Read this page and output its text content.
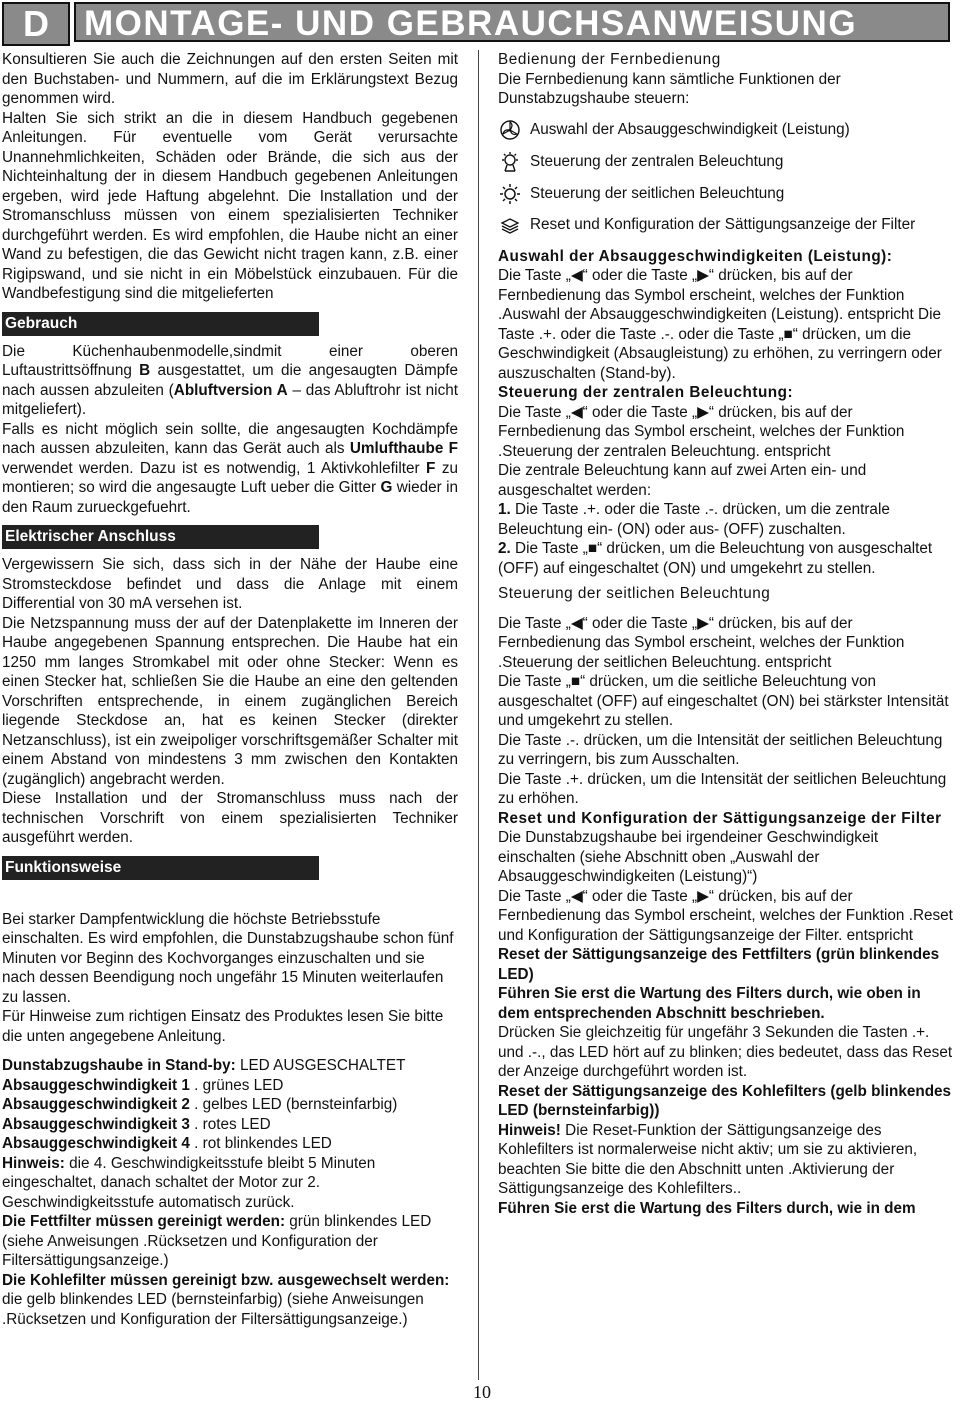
D	MONTAGE- UND GEBRAUCHSANWEISUNG

Konsultieren Sie auch die Zeichnungen auf den ersten Seiten mit den Buchstaben- und Nummern, auf die im Erklärungstext Bezug genommen wird.

Halten Sie sich strikt an die in diesem Handbuch gegebenen Anleitungen. Für eventuelle vom Gerät verursachte Unannehmlichkeiten, Schäden oder Brände, die sich aus der Nichteinhaltung der in diesem Handbuch gegebenen Anleitungen ergeben, wird jede Haftung abgelehnt. Die Installation und der Stromanschluss müssen von einem spezialisierten Techniker durchgeführt werden. Es wird empfohlen, die Haube nicht an einer Wand zu befestigen, die das Gewicht nicht tragen kann, z.B. einer Rigipswand, und sie nicht in ein Möbelstück einzubauen. Für die Wandbefestigung sind die mitgelieferten

Gebrauch

Die Küchenhaubenmodelle,sindmit einer oberen Luftaustrittsöffnung B ausgestattet, um die angesaugten Dämpfe nach aussen abzuleiten (Abluftversion A – das Abluftrohr ist nicht mitgeliefert).

Falls es nicht möglich sein sollte, die angesaugten Kochdämpfe nach aussen abzuleiten, kann das Gerät auch als Umlufthaube F verwendet werden. Dazu ist es notwendig, 1 Aktivkohlefilter F zu montieren; so wird die angesaugte Luft ueber die Gitter G wieder in den Raum zurueckgefuehrt.

Elektrischer Anschluss

Vergewissern Sie sich, dass sich in der Nähe der Haube eine Stromsteckdose befindet und dass die Anlage mit einem Differential von 30 mA versehen ist.

Die Netzspannung muss der auf der Datenplakette im Inneren der Haube angegebenen Spannung entsprechen. Die Haube hat ein 1250 mm langes Stromkabel mit oder ohne Stecker: Wenn es einen Stecker hat, schließen Sie die Haube an eine den geltenden Vorschriften entsprechende, in einem zugänglichen Bereich liegende Steckdose an, hat es keinen Stecker (direkter Netzanschluss), ist ein zweipoliger vorschriftsgemäßer Schalter mit einem Abstand von mindestens 3 mm zwischen den Kontakten (zugänglich) angebracht werden.

Diese Installation und der Stromanschluss muss nach der technischen Vorschrift von einem spezialisierten Techniker ausgeführt werden.

Funktionsweise

Bei starker Dampfentwicklung die höchste Betriebsstufe einschalten. Es wird empfohlen, die Dunstabzugshaube schon fünf Minuten vor Beginn des Kochvorganges einzuschalten und sie nach dessen Beendigung noch ungefähr 15 Minuten weiterlaufen zu lassen.

Für Hinweise zum richtigen Einsatz des Produktes lesen Sie bitte die unten angegebene Anleitung.

Dunstabzugshaube in Stand-by: LED AUSGESCHALTET

Absauggeschwindigkeit 1 . grünes LED

Absauggeschwindigkeit 2 . gelbes LED (bernsteinfarbig)

Absauggeschwindigkeit 3 . rotes LED

Absauggeschwindigkeit 4 . rot blinkendes LED

Hinweis: die 4. Geschwindigkeitsstufe bleibt 5 Minuten eingeschaltet, danach schaltet der Motor zur 2. Geschwindigkeitsstufe automatisch zurück.

Die Fettfilter müssen gereinigt werden: grün blinkendes LED (siehe Anweisungen .Rücksetzen und Konfiguration der Filtersättigungsanzeige.)

Die Kohlefilter müssen gereinigt bzw. ausgewechselt werden: die gelb blinkendes LED (bernsteinfarbig) (siehe Anweisungen .Rücksetzen und Konfiguration der Filtersättigungsanzeige.)

Bedienung der Fernbedienung

Die Fernbedienung kann sämtliche Funktionen der Dunstabzugshaube steuern:

Auswahl der Absauggeschwindigkeit (Leistung)
Steuerung der zentralen Beleuchtung
Steuerung der seitlichen Beleuchtung
Reset und Konfiguration der Sättigungsanzeige der Filter

Auswahl der Absauggeschwindigkeiten (Leistung):

Die Taste „◀“ oder die Taste „▶“ drücken, bis auf der Fernbedienung das Symbol erscheint, welches der Funktion .Auswahl der Absauggeschwindigkeiten (Leistung). entspricht Die Taste .+. oder die Taste .-. oder die Taste „■“ drücken, um die Geschwindigkeit (Absaugleistung) zu erhöhen, zu verringern oder auszuschalten (Stand-by).

Steuerung der zentralen Beleuchtung:

Die Taste „◀“ oder die Taste „▶“ drücken, bis auf der Fernbedienung das Symbol erscheint, welches der Funktion .Steuerung der zentralen Beleuchtung. entspricht

Die zentrale Beleuchtung kann auf zwei Arten ein- und ausgeschaltet werden:

1. Die Taste .+. oder die Taste .-. drücken, um die zentrale Beleuchtung ein- (ON) oder aus- (OFF) zuschalten.

2. Die Taste „■“ drücken, um die Beleuchtung von ausgeschaltet (OFF) auf eingeschaltet (ON) und umgekehrt zu stellen.

Steuerung der seitlichen Beleuchtung

Die Taste „◀“ oder die Taste „▶“ drücken, bis auf der Fernbedienung das Symbol erscheint, welches der Funktion .Steuerung der seitlichen Beleuchtung. entspricht

Die Taste „■“ drücken, um die seitliche Beleuchtung von ausgeschaltet (OFF) auf eingeschaltet (ON) bei stärkster Intensität und umgekehrt zu stellen.

Die Taste .-. drücken, um die Intensität der seitlichen Beleuchtung zu verringern, bis zum Ausschalten.

Die Taste .+. drücken, um die Intensität der seitlichen Beleuchtung zu erhöhen.

Reset und Konfiguration der Sättigungsanzeige der Filter

Die Dunstabzugshaube bei irgendeiner Geschwindigkeit einschalten (siehe Abschnitt oben „Auswahl der Absauggeschwindigkeiten (Leistung)“)

Die Taste „◀“ oder die Taste „▶“ drücken, bis auf der Fernbedienung das Symbol erscheint, welches der Funktion .Reset und Konfiguration der Sättigungsanzeige der Filter. entspricht

Reset der Sättigungsanzeige des Fettfilters (grün blinkendes LED)

Führen Sie erst die Wartung des Filters durch, wie oben in dem entsprechenden Abschnitt beschrieben.

Drücken Sie gleichzeitig für ungefähr 3 Sekunden die Tasten .+. und .-., das LED hört auf zu blinken; dies bedeutet, dass das Reset der Anzeige durchgeführt worden ist.

Reset der Sättigungsanzeige des Kohlefilters (gelb blinkendes LED (bernsteinfarbig))

Hinweis! Die Reset-Funktion der Sättigungsanzeige des Kohlefilters ist normalerweise nicht aktiv; um sie zu aktivieren, beachten Sie bitte die den Abschnitt unten .Aktivierung der Sättigungsanzeige des Kohlefilters..

Führen Sie erst die Wartung des Filters durch, wie in dem

10
